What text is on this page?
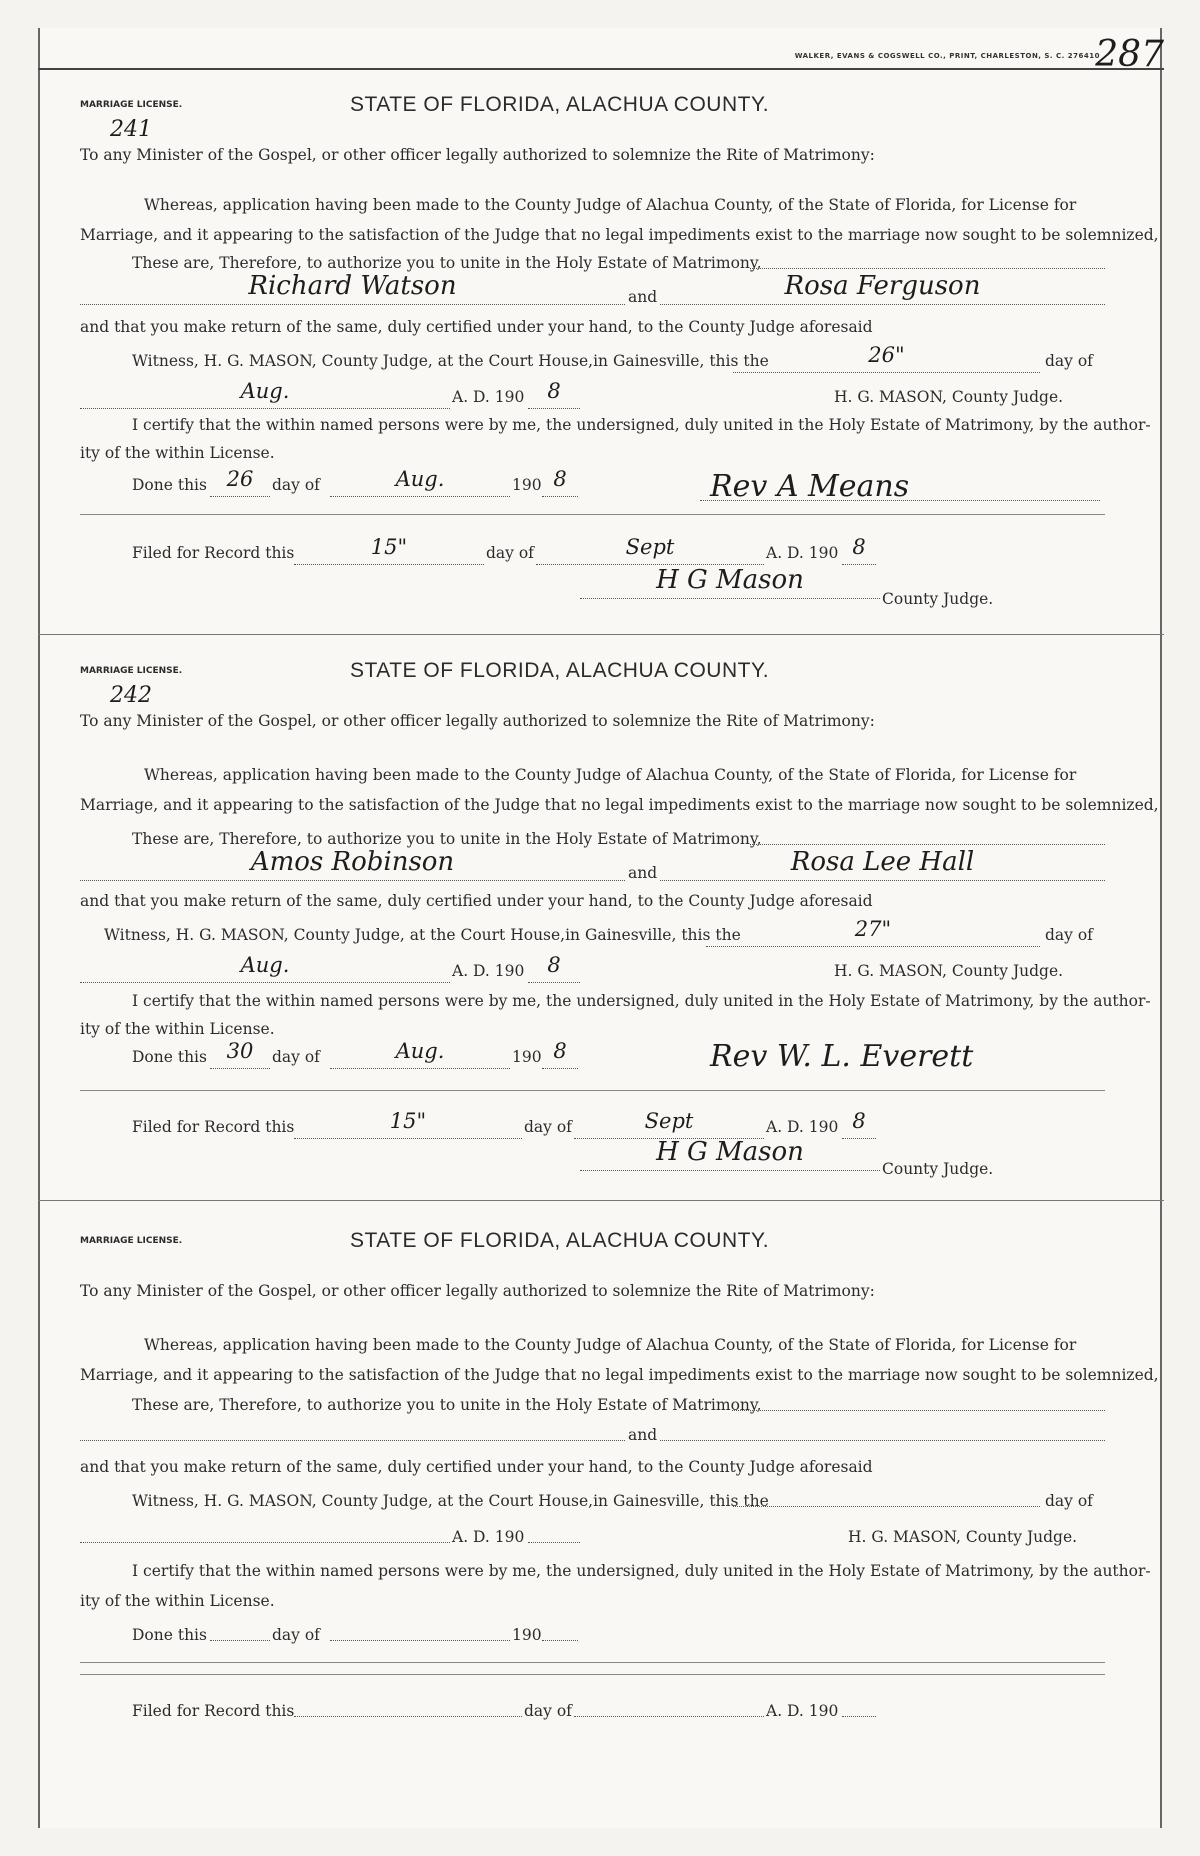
WALKER, EVANS & COGSWELL CO., PRINT, CHARLESTON, S. C. 276410
287
MARRIAGE LICENSE.	STATE OF FLORIDA, ALACHUA COUNTY.
241
To any Minister of the Gospel, or other officer legally authorized to solemnize the Rite of Matrimony:
Whereas, application having been made to the County Judge of Alachua County, of the State of Florida, for License for
Marriage, and it appearing to the satisfaction of the Judge that no legal impediments exist to the marriage now sought to be solemnized,
These are, Therefore, to authorize you to unite in the Holy Estate of Matrimony,
Richard Watson	and	Rosa Ferguson
and that you make return of the same, duly certified under your hand, to the County Judge aforesaid
Witness, H. G. MASON, County Judge, at the Court House,in Gainesville, this the	26"	day of
Aug.	A. D. 190	8	H. G. MASON, County Judge.
I certify that the within named persons were by me, the undersigned, duly united in the Holy Estate of Matrimony, by the author-
ity of the within License.
Done this 26	day of	Aug.	190 8	Rev A Means
Filed for Record this	15"	day of	Sept	A. D. 190 8
H G Mason
County Judge.
MARRIAGE LICENSE.	STATE OF FLORIDA, ALACHUA COUNTY.
242
To any Minister of the Gospel, or other officer legally authorized to solemnize the Rite of Matrimony:
Whereas, application having been made to the County Judge of Alachua County, of the State of Florida, for License for
Marriage, and it appearing to the satisfaction of the Judge that no legal impediments exist to the marriage now sought to be solemnized,
These are, Therefore, to authorize you to unite in the Holy Estate of Matrimony,
Amos Robinson	and	Rosa Lee Hall
and that you make return of the same, duly certified under your hand, to the County Judge aforesaid
Witness, H. G. MASON, County Judge, at the Court House,in Gainesville, this the	27"	day of
Aug.	A. D. 190	8	H. G. MASON, County Judge.
I certify that the within named persons were by me, the undersigned, duly united in the Holy Estate of Matrimony, by the author-
ity of the within License.
Done this 30	day of	Aug.	190 8	Rev W. L. Everett
Filed for Record this	15"	day of	Sept	A. D. 190 8
H G Mason
County Judge.
MARRIAGE LICENSE.	STATE OF FLORIDA, ALACHUA COUNTY.
To any Minister of the Gospel, or other officer legally authorized to solemnize the Rite of Matrimony:
Whereas, application having been made to the County Judge of Alachua County, of the State of Florida, for License for
Marriage, and it appearing to the satisfaction of the Judge that no legal impediments exist to the marriage now sought to be solemnized,
These are, Therefore, to authorize you to unite in the Holy Estate of Matrimony,
and
and that you make return of the same, duly certified under your hand, to the County Judge aforesaid
Witness, H. G. MASON, County Judge, at the Court House,in Gainesville, this the	day of
A. D. 190	H. G. MASON, County Judge.
I certify that the within named persons were by me, the undersigned, duly united in the Holy Estate of Matrimony, by the author-
ity of the within License.
Done this	day of	190
Filed for Record this	day of	A. D. 190
